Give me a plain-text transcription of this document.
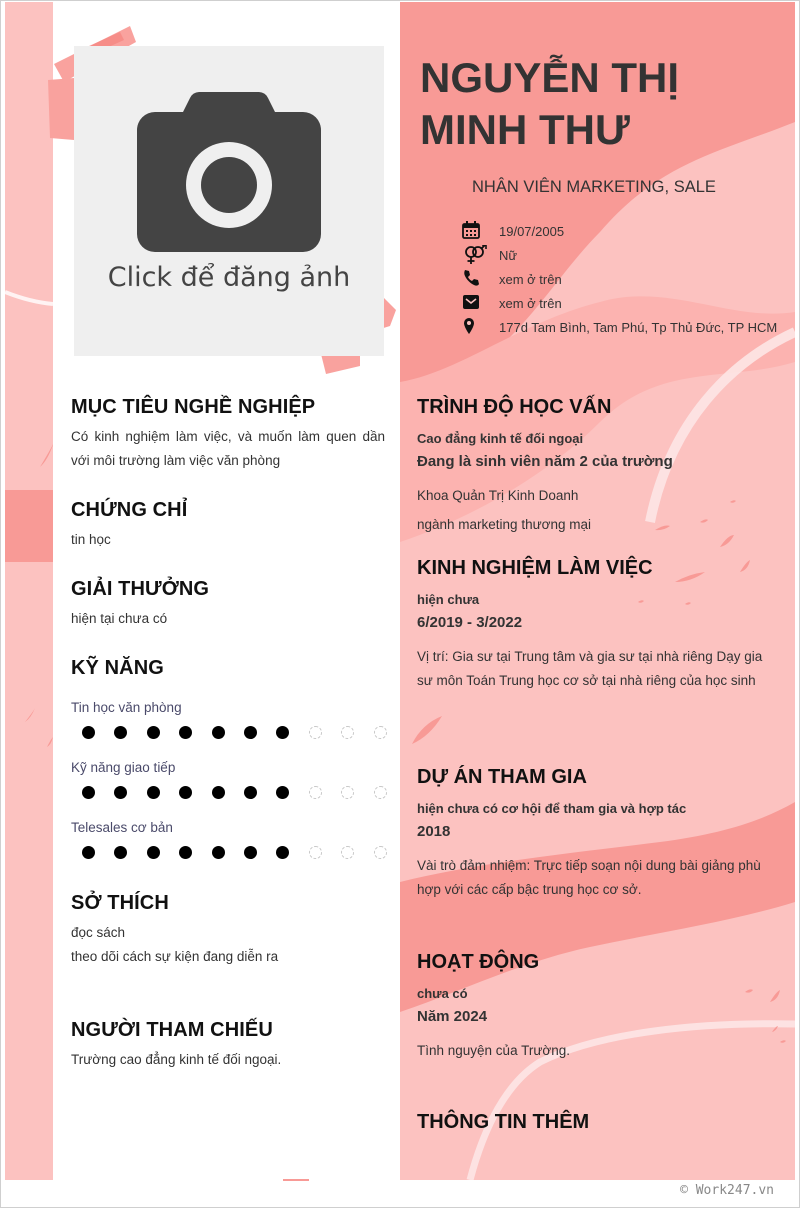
Click để đăng ảnh
MỤC TIÊU NGHỀ NGHIỆP
Có kinh nghiệm làm việc, và muốn làm quen dần với môi trường làm việc văn phòng
CHỨNG CHỈ
tin học
GIẢI THƯỞNG
hiện tại chưa có
KỸ NĂNG
Tin học văn phòng
Kỹ năng giao tiếp
Telesales cơ bản
SỞ THÍCH
đọc sách
theo dõi cách sự kiện đang diễn ra
NGƯỜI THAM CHIẾU
Trường cao đẳng kinh tế đối ngoại.
NGUYỄN THỊ
MINH THƯ
NHÂN VIÊN MARKETING, SALE
19/07/2005
Nữ
xem ở trên
xem ở trên
177d Tam Bình, Tam Phú, Tp Thủ Đức, TP HCM
TRÌNH ĐỘ HỌC VẤN
Cao đẳng kinh tế đối ngoại
Đang là sinh viên năm 2 của trường
Khoa Quản Trị Kinh Doanh
ngành marketing thương mại
KINH NGHIỆM LÀM VIỆC
hiện chưa
6/2019 - 3/2022
Vị trí: Gia sư tại Trung tâm và gia sư tại nhà riêng Dạy gia sư môn Toán Trung học cơ sở tại nhà riêng của học sinh
DỰ ÁN THAM GIA
hiện chưa có cơ hội để tham gia và hợp tác
2018
Vài trò đảm nhiệm: Trực tiếp soạn nội dung bài giảng phù hợp với các cấp bậc trung học cơ sở.
HOẠT ĐỘNG
chưa có
Năm 2024
Tình nguyện của Trường.
THÔNG TIN THÊM
© Work247.vn
